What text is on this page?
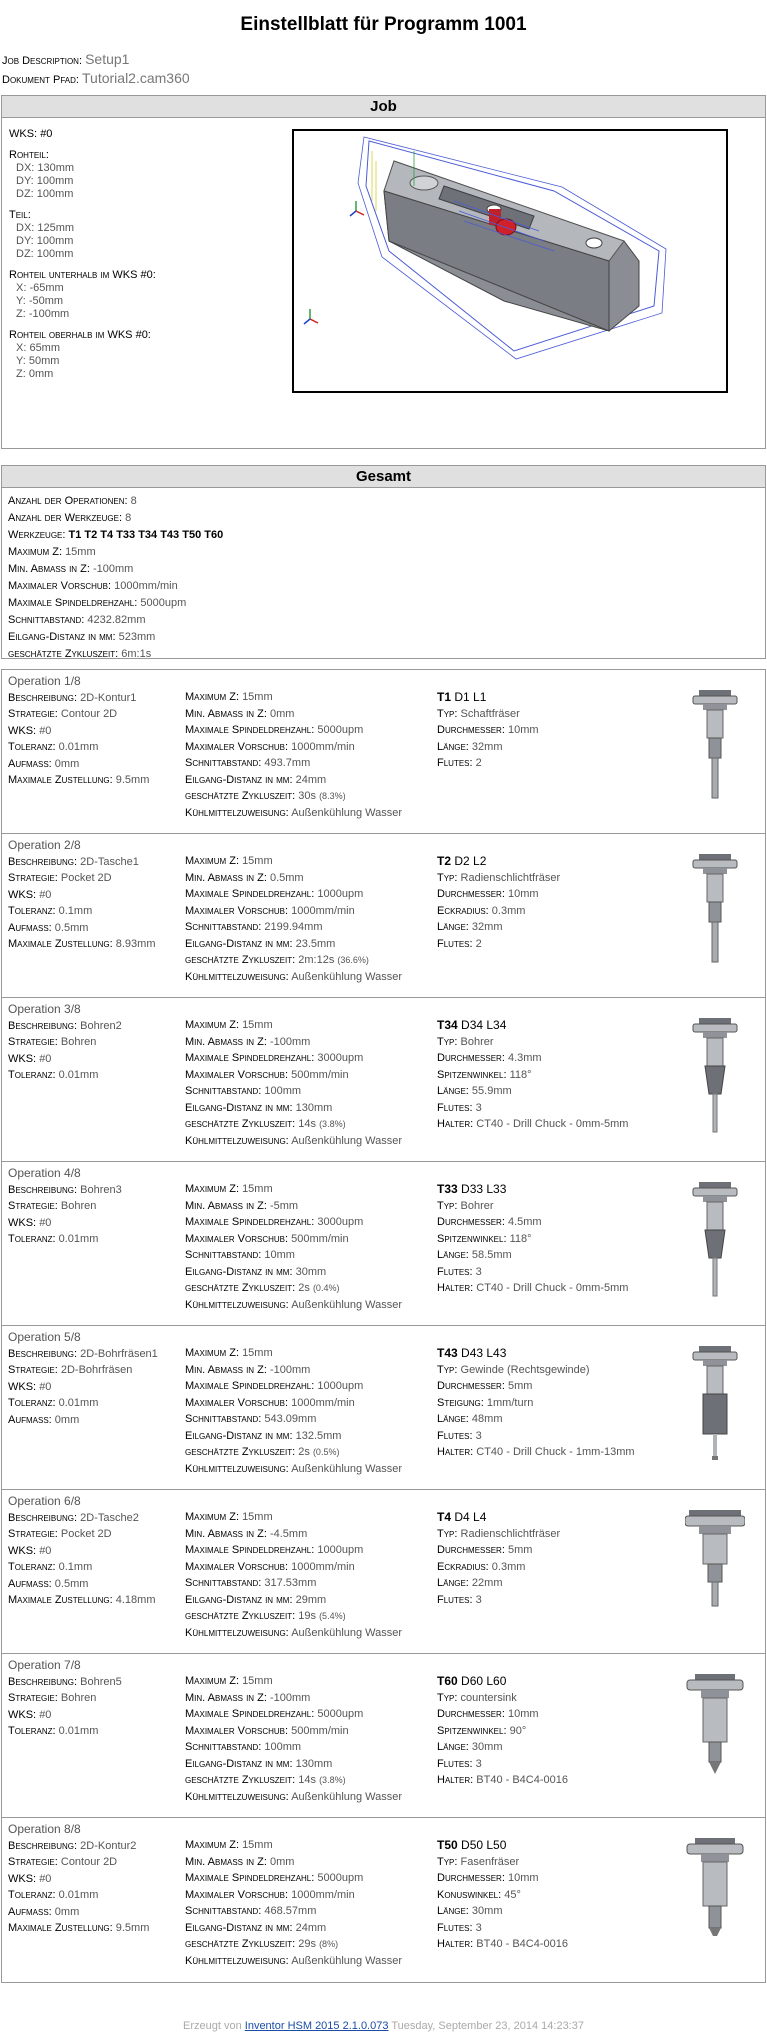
Einstellblatt für Programm 1001
Job Description: Setup1
Dokument Pfad: Tutorial2.cam360
Job
WKS: #0
Rohteil:
DX: 130mm
DY: 100mm
DZ: 100mm
Teil:
DX: 125mm
DY: 100mm
DZ: 100mm
Rohteil unterhalb im WKS #0:
X: -65mm
Y: -50mm
Z: -100mm
Rohteil oberhalb im WKS #0:
X: 65mm
Y: 50mm
Z: 0mm
Gesamt
Anzahl der Operationen: 8
Anzahl der Werkzeuge: 8
Werkzeuge: T1 T2 T4 T33 T34 T43 T50 T60
Maximum Z: 15mm
Min. Abmaß in Z: -100mm
Maximaler Vorschub: 1000mm/min
Maximale Spindeldrehzahl: 5000upm
Schnittabstand: 4232.82mm
Eilgang-Distanz in mm: 523mm
geschätzte Zykluszeit: 6m:1s
Operation 1/8
Beschreibung: 2D-Kontur1
Strategie: Contour 2D
WKS: #0
Toleranz: 0.01mm
Aufmaß: 0mm
Maximale Zustellung: 9.5mm
Maximum Z: 15mm
Min. Abmaß in Z: 0mm
Maximale Spindeldrehzahl: 5000upm
Maximaler Vorschub: 1000mm/min
Schnittabstand: 493.7mm
Eilgang-Distanz in mm: 24mm
geschätzte Zykluszeit: 30s (8.3%)
Kühlmittelzuweisung: Außenkühlung Wasser
T1 D1 L1
Typ: Schaftfräser
Durchmesser: 10mm
Länge: 32mm
Flutes: 2
Operation 2/8
Beschreibung: 2D-Tasche1
Strategie: Pocket 2D
WKS: #0
Toleranz: 0.1mm
Aufmaß: 0.5mm
Maximale Zustellung: 8.93mm
Maximum Z: 15mm
Min. Abmaß in Z: 0.5mm
Maximale Spindeldrehzahl: 1000upm
Maximaler Vorschub: 1000mm/min
Schnittabstand: 2199.94mm
Eilgang-Distanz in mm: 23.5mm
geschätzte Zykluszeit: 2m:12s (36.6%)
Kühlmittelzuweisung: Außenkühlung Wasser
T2 D2 L2
Typ: Radienschlichtfräser
Durchmesser: 10mm
Eckradius: 0.3mm
Länge: 32mm
Flutes: 2
Operation 3/8
Beschreibung: Bohren2
Strategie: Bohren
WKS: #0
Toleranz: 0.01mm
Maximum Z: 15mm
Min. Abmaß in Z: -100mm
Maximale Spindeldrehzahl: 3000upm
Maximaler Vorschub: 500mm/min
Schnittabstand: 100mm
Eilgang-Distanz in mm: 130mm
geschätzte Zykluszeit: 14s (3.8%)
Kühlmittelzuweisung: Außenkühlung Wasser
T34 D34 L34
Typ: Bohrer
Durchmesser: 4.3mm
Spitzenwinkel: 118°
Länge: 55.9mm
Flutes: 3
Halter: CT40 - Drill Chuck - 0mm-5mm
Operation 4/8
Beschreibung: Bohren3
Strategie: Bohren
WKS: #0
Toleranz: 0.01mm
Maximum Z: 15mm
Min. Abmaß in Z: -5mm
Maximale Spindeldrehzahl: 3000upm
Maximaler Vorschub: 500mm/min
Schnittabstand: 10mm
Eilgang-Distanz in mm: 30mm
geschätzte Zykluszeit: 2s (0.4%)
Kühlmittelzuweisung: Außenkühlung Wasser
T33 D33 L33
Typ: Bohrer
Durchmesser: 4.5mm
Spitzenwinkel: 118°
Länge: 58.5mm
Flutes: 3
Halter: CT40 - Drill Chuck - 0mm-5mm
Operation 5/8
Beschreibung: 2D-Bohrfräsen1
Strategie: 2D-Bohrfräsen
WKS: #0
Toleranz: 0.01mm
Aufmaß: 0mm
Maximum Z: 15mm
Min. Abmaß in Z: -100mm
Maximale Spindeldrehzahl: 1000upm
Maximaler Vorschub: 1000mm/min
Schnittabstand: 543.09mm
Eilgang-Distanz in mm: 132.5mm
geschätzte Zykluszeit: 2s (0.5%)
Kühlmittelzuweisung: Außenkühlung Wasser
T43 D43 L43
Typ: Gewinde (Rechtsgewinde)
Durchmesser: 5mm
Steigung: 1mm/turn
Länge: 48mm
Flutes: 3
Halter: CT40 - Drill Chuck - 1mm-13mm
Operation 6/8
Beschreibung: 2D-Tasche2
Strategie: Pocket 2D
WKS: #0
Toleranz: 0.1mm
Aufmaß: 0.5mm
Maximale Zustellung: 4.18mm
Maximum Z: 15mm
Min. Abmaß in Z: -4.5mm
Maximale Spindeldrehzahl: 1000upm
Maximaler Vorschub: 1000mm/min
Schnittabstand: 317.53mm
Eilgang-Distanz in mm: 29mm
geschätzte Zykluszeit: 19s (5.4%)
Kühlmittelzuweisung: Außenkühlung Wasser
T4 D4 L4
Typ: Radienschlichtfräser
Durchmesser: 5mm
Eckradius: 0.3mm
Länge: 22mm
Flutes: 3
Operation 7/8
Beschreibung: Bohren5
Strategie: Bohren
WKS: #0
Toleranz: 0.01mm
Maximum Z: 15mm
Min. Abmaß in Z: -100mm
Maximale Spindeldrehzahl: 5000upm
Maximaler Vorschub: 500mm/min
Schnittabstand: 100mm
Eilgang-Distanz in mm: 130mm
geschätzte Zykluszeit: 14s (3.8%)
Kühlmittelzuweisung: Außenkühlung Wasser
T60 D60 L60
Typ: countersink
Durchmesser: 10mm
Spitzenwinkel: 90°
Länge: 30mm
Flutes: 3
Halter: BT40 - B4C4-0016
Operation 8/8
Beschreibung: 2D-Kontur2
Strategie: Contour 2D
WKS: #0
Toleranz: 0.01mm
Aufmaß: 0mm
Maximale Zustellung: 9.5mm
Maximum Z: 15mm
Min. Abmaß in Z: 0mm
Maximale Spindeldrehzahl: 5000upm
Maximaler Vorschub: 1000mm/min
Schnittabstand: 468.57mm
Eilgang-Distanz in mm: 24mm
geschätzte Zykluszeit: 29s (8%)
Kühlmittelzuweisung: Außenkühlung Wasser
T50 D50 L50
Typ: Fasenfräser
Durchmesser: 10mm
Konuswinkel: 45°
Länge: 30mm
Flutes: 3
Halter: BT40 - B4C4-0016
Erzeugt von Inventor HSM 2015 2.1.0.073 Tuesday, September 23, 2014 14:23:37
